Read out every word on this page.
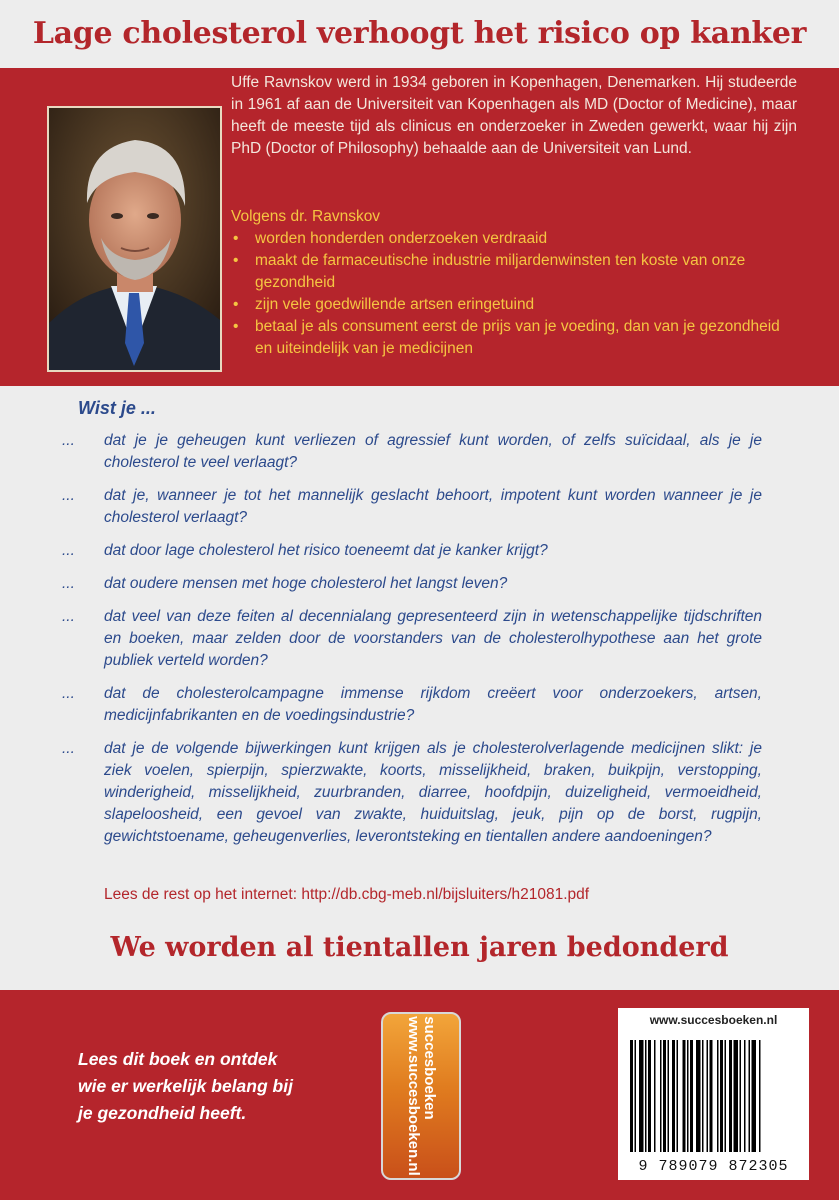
Lage cholesterol verhoogt het risico op kanker
Uffe Ravnskov werd in 1934 geboren in Kopenhagen, Denemarken. Hij studeerde in 1961 af aan de Universiteit van Kopenhagen als MD (Doctor of Medicine), maar heeft de meeste tijd als clinicus en onderzoeker in Zweden gewerkt, waar hij zijn PhD (Doctor of Philosophy) behaalde aan de Universiteit van Lund.
Volgens dr. Ravnskov
• worden honderden onderzoeken verdraaid
• maakt de farmaceutische industrie miljardenwinsten ten koste van onze gezondheid
• zijn vele goedwillende artsen eringetuind
• betaal je als consument eerst de prijs van je voeding, dan van je gezondheid en uiteindelijk van je medicijnen
Wist je ...
...	dat je je geheugen kunt verliezen of agressief kunt worden, of zelfs suïcidaal, als je je cholesterol te veel verlaagt?
...	dat je, wanneer je tot het mannelijk geslacht behoort, impotent kunt worden wanneer je je cholesterol verlaagt?
...	dat door lage cholesterol het risico toeneemt dat je kanker krijgt?
...	dat oudere mensen met hoge cholesterol het langst leven?
...	dat veel van deze feiten al decennialang gepresenteerd zijn in wetenschappelijke tijdschriften en boeken, maar zelden door de voorstanders van de cholesterolhypothese aan het grote publiek verteld worden?
...	dat de cholesterolcampagne immense rijkdom creëert voor onderzoekers, artsen, medicijnfabrikanten en de voedingsindustrie?
...	dat je de volgende bijwerkingen kunt krijgen als je cholesterolverlagende medicijnen slikt: je ziek voelen, spierpijn, spierzwakte, koorts, misselijkheid, braken, buikpijn, verstopping, winderigheid, misselijkheid, zuurbranden, diarree, hoofdpijn, duizeligheid, vermoeidheid, slapeloosheid, een gevoel van zwakte, huiduitslag, jeuk, pijn op de borst, rugpijn, gewichtstoename, geheugenverlies, leverontsteking en tientallen andere aandoeningen?
Lees de rest op het internet: http://db.cbg-meb.nl/bijsluiters/h21081.pdf
We worden al tientallen jaren bedonderd
Lees dit boek en ontdek
wie er werkelijk belang bij
je gezondheid heeft.	succesboeken
www.succesboeken.nl	www.succesboeken.nl
9 789079 872305
